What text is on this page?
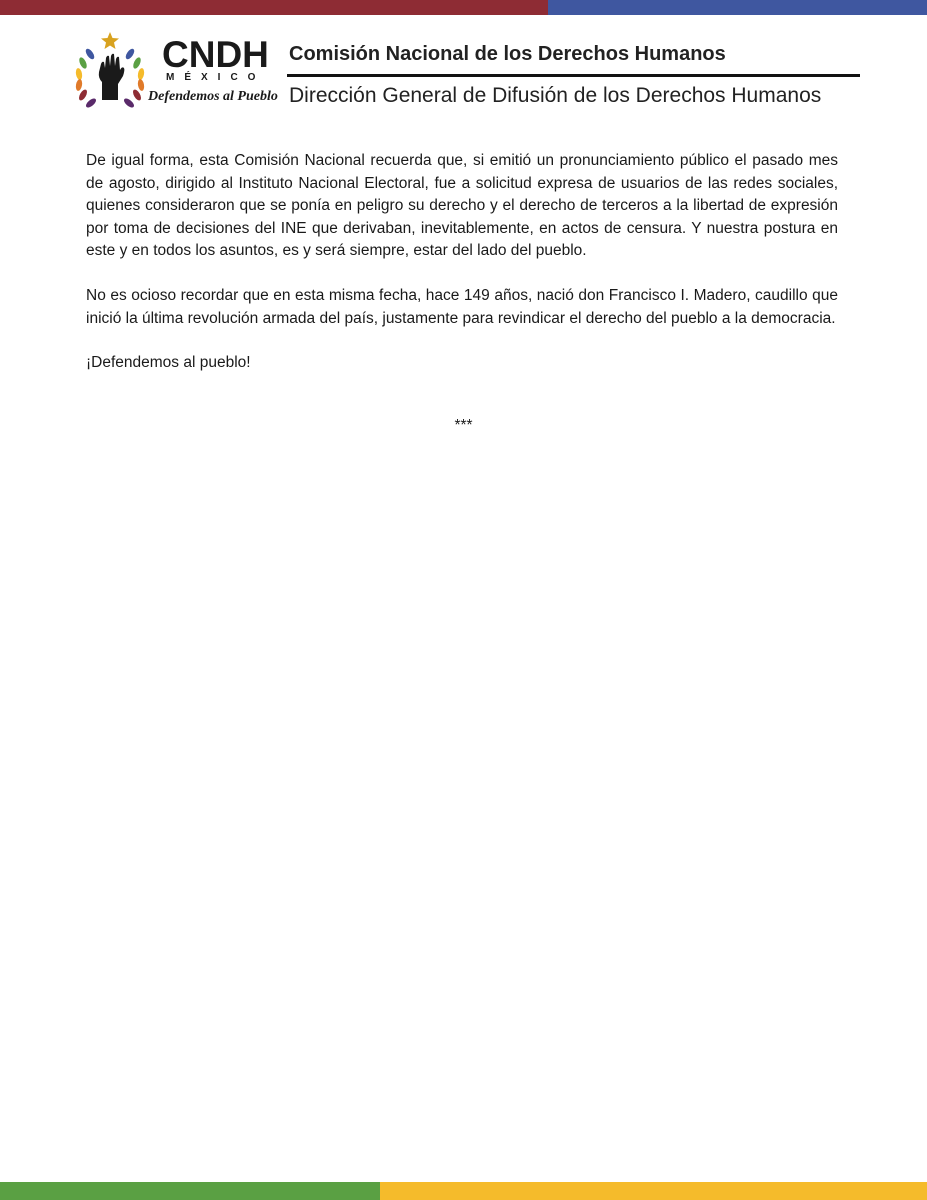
CNDH
MÉXICO
Defendemos al Pueblo
Comisión Nacional de los Derechos Humanos
Dirección General de Difusión de los Derechos Humanos

De igual forma, esta Comisión Nacional recuerda que, si emitió un pronunciamiento público el pasado mes de agosto, dirigido al Instituto Nacional Electoral, fue a solicitud expresa de usuarios de las redes sociales, quienes consideraron que se ponía en peligro su derecho y el derecho de terceros a la libertad de expresión por toma de decisiones del INE que derivaban, inevitablemente, en actos de censura. Y nuestra postura en este y en todos los asuntos, es y será siempre, estar del lado del pueblo.

No es ocioso recordar que en esta misma fecha, hace 149 años, nació don Francisco I. Madero, caudillo que inició la última revolución armada del país, justamente para revindicar el derecho del pueblo a la democracia.

¡Defendemos al pueblo!

***
